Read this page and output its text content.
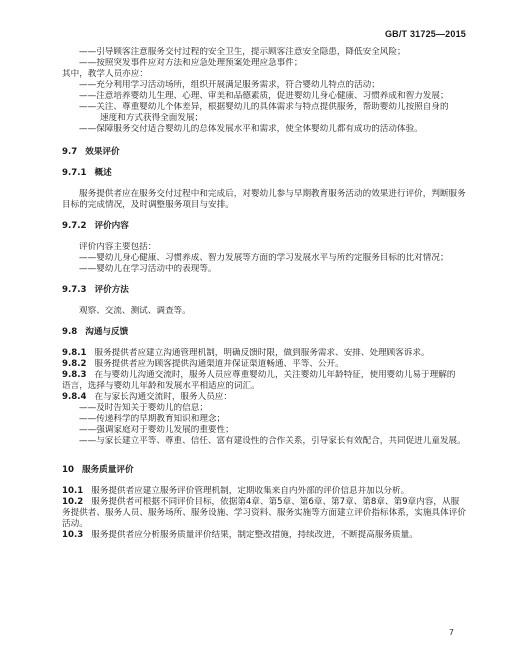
GB/T 31725—2015
——引导顾客注意服务交付过程的安全卫生，提示顾客注意安全隐患，降低安全风险；
——按照突发事件应对方法和应急处理预案处理应急事件；
其中，教学人员亦应：
——充分利用学习活动场所，组织开展满足服务需求，符合婴幼儿特点的活动；
——注意培养婴幼儿生理、心理、审美和品德素质，促进婴幼儿身心健康、习惯养成和智力发展；
——关注、尊重婴幼儿个体差异，根据婴幼儿的具体需求与特点提供服务，帮助婴幼儿按照自身的
速度和方式获得全面发展；
——保障服务交付适合婴幼儿的总体发展水平和需求，使全体婴幼儿都有成功的活动体验。
9.7 效果评价
9.7.1 概述
服务提供者应在服务交付过程中和完成后，对婴幼儿参与早期教育服务活动的效果进行评价，判断服务目标的完成情况，及时调整服务项目与安排。
9.7.2 评价内容
评价内容主要包括：
——婴幼儿身心健康、习惯养成、智力发展等方面的学习发展水平与所约定服务目标的比对情况；
——婴幼儿在学习活动中的表现等。
9.7.3 评价方法
观察、交流、测试、调查等。
9.8 沟通与反馈
9.8.1 服务提供者应建立沟通管理机制，明确反馈时限，做到服务需求、安排、处理顾客诉求。
9.8.2 服务提供者应为顾客提供沟通渠道并保证渠道畅通、平等、公开。
9.8.3 在与婴幼儿沟通交流时，服务人员应尊重婴幼儿，关注婴幼儿年龄特征，使用婴幼儿易于理解的
语言，选择与婴幼儿年龄和发展水平相适应的词汇。
9.8.4 在与家长沟通交流时，服务人员应：
——及时告知关于婴幼儿的信息；
——传递科学的早期教育知识和理念；
——强调家庭对于婴幼儿发展的重要性；
——与家长建立平等、尊重、信任、富有建设性的合作关系，引导家长有效配合，共同促进儿童发展。
10 服务质量评价
10.1 服务提供者应建立服务评价管理机制，定期收集来自内外部的评价信息并加以分析。
10.2 服务提供者可根据不同评价目标，依据第4章、第5章、第6章、第7章、第8章、第9章内容，从服务提供者、服务人员、服务场所、服务设施、学习资料、服务实施等方面建立评价指标体系，实施具体评价活动。
10.3 服务提供者应分析服务质量评价结果，制定整改措施，持续改进，不断提高服务质量。
7
